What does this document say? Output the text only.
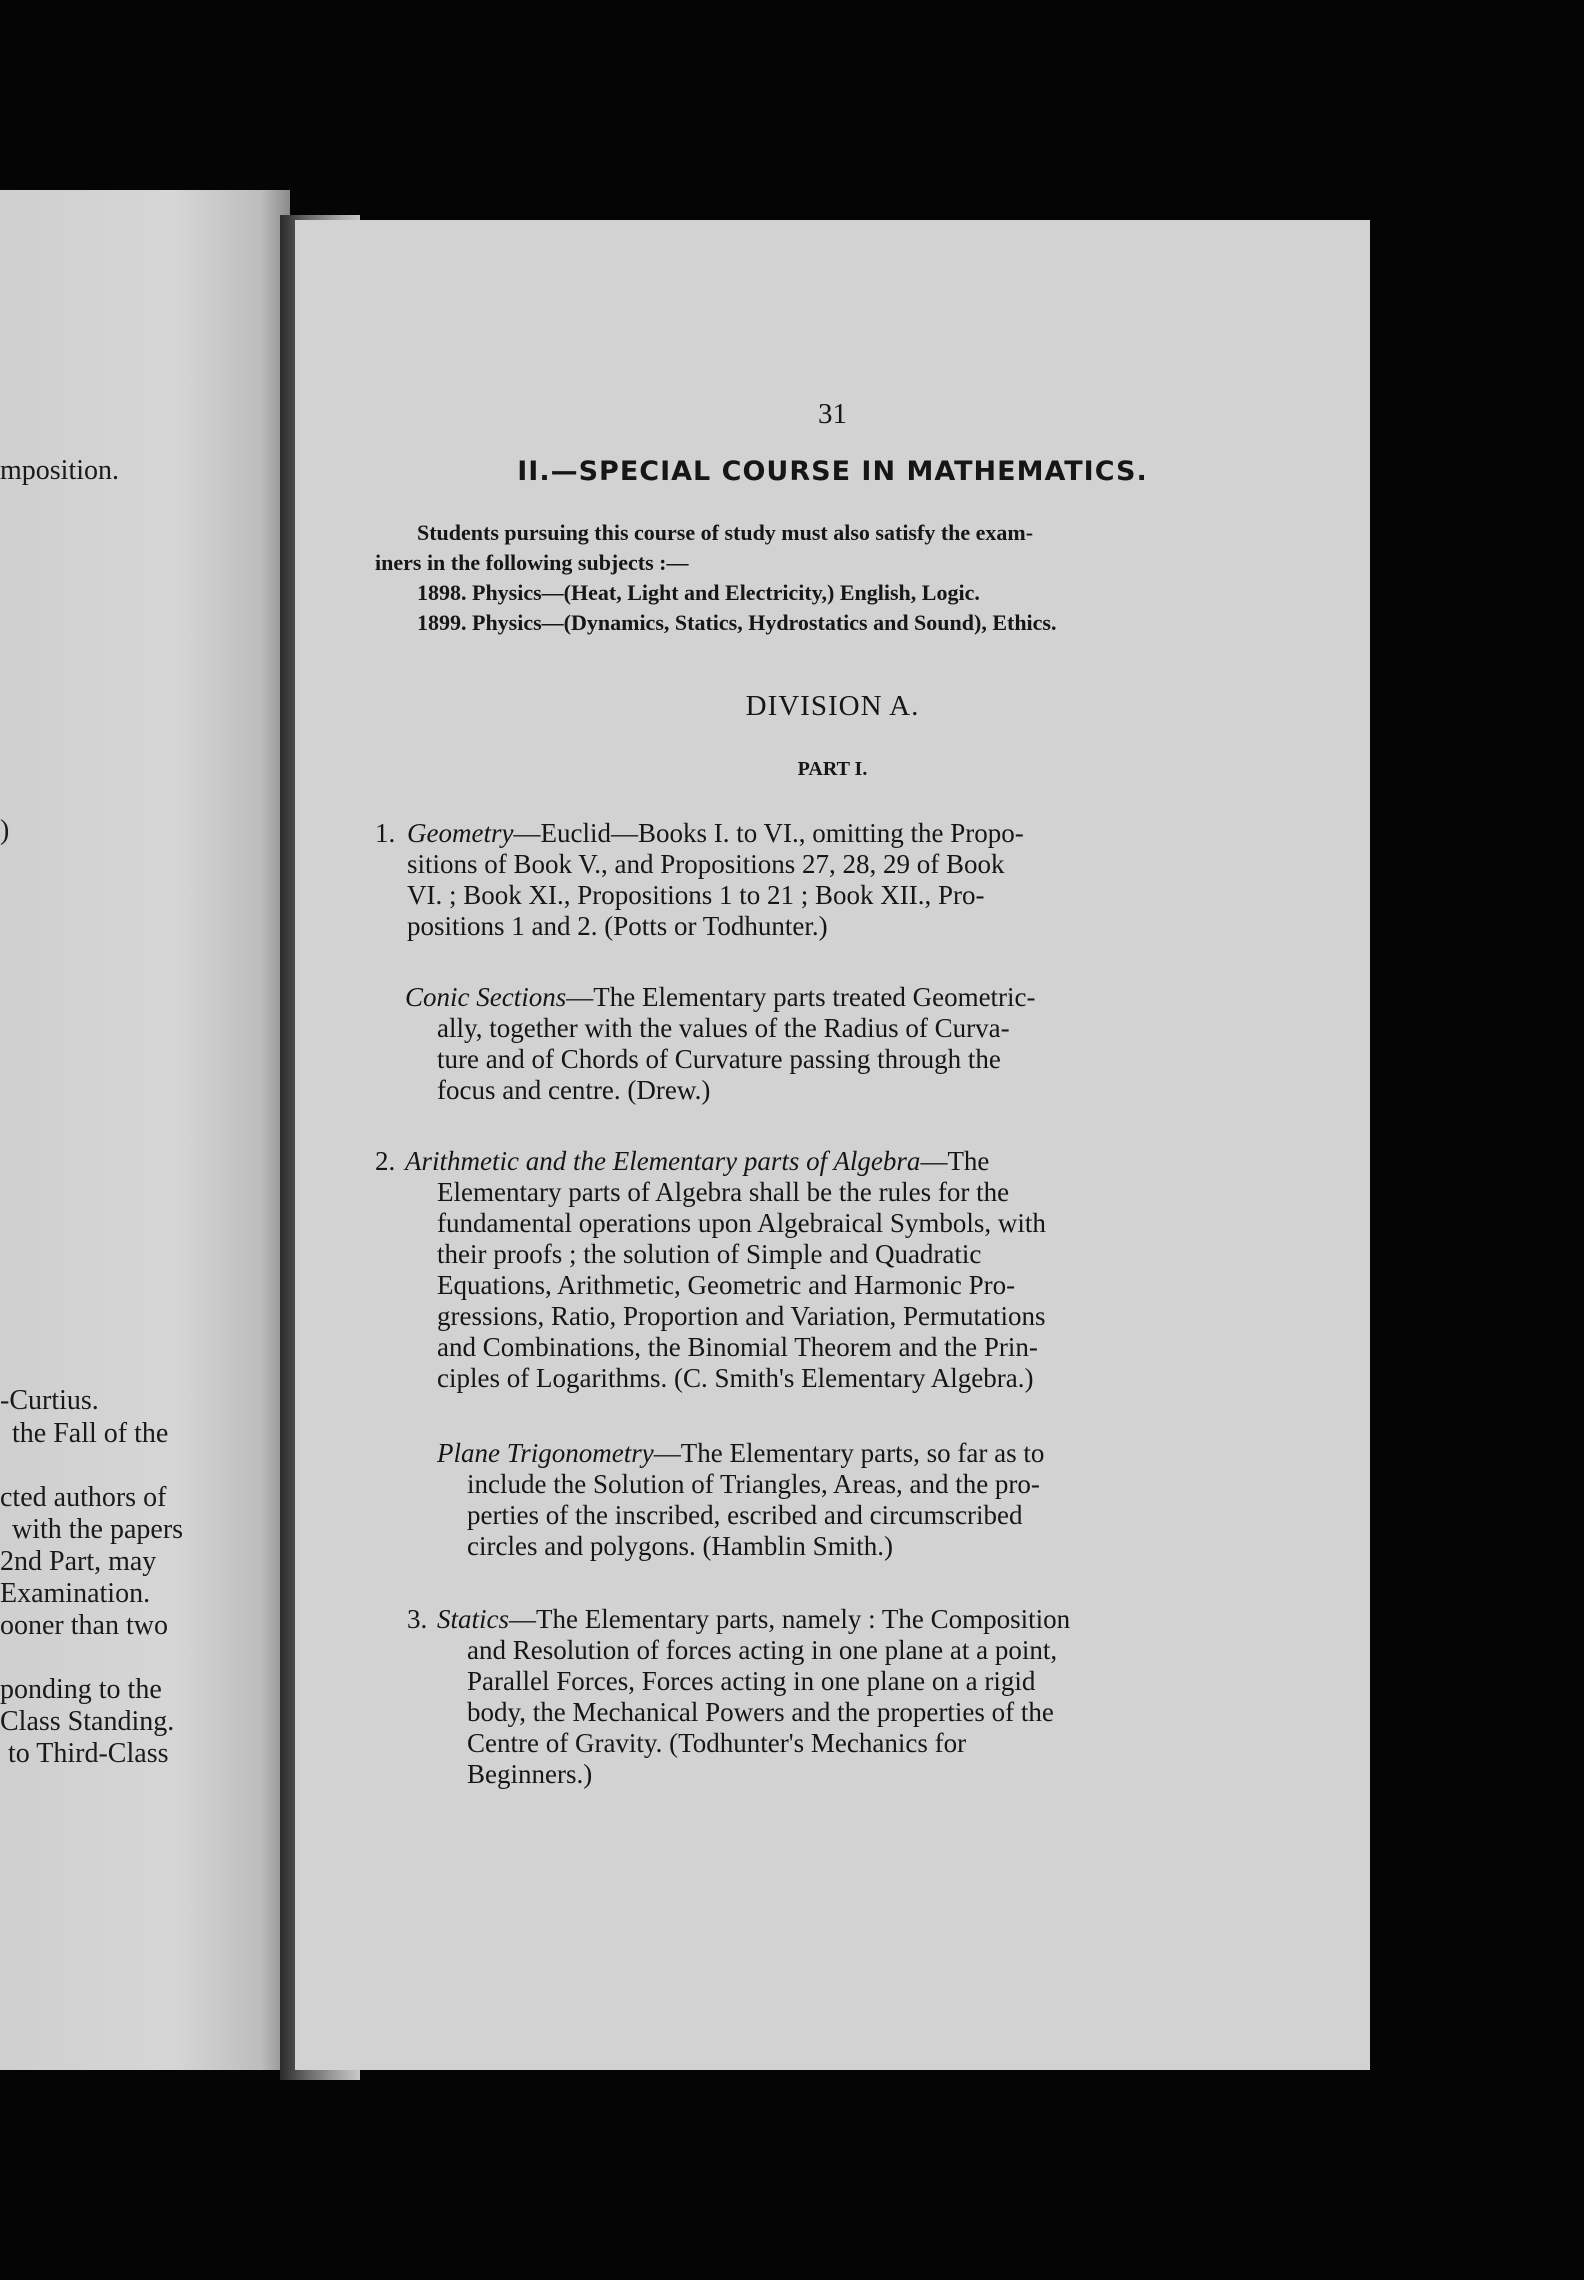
mposition.
)
-Curtius.
the Fall of the
cted authors of
with the papers
2nd Part, may
Examination.
ooner than two
ponding to the
Class Standing.
to Third-Class
31
II.—SPECIAL COURSE IN MATHEMATICS.
Students pursuing this course of study must also satisfy the exam-
iners in the following subjects :—
1898. Physics—(Heat, Light and Electricity,) English, Logic.
1899. Physics—(Dynamics, Statics, Hydrostatics and Sound), Ethics.
DIVISION A.
PART I.
1. Geometry—Euclid—Books I. to VI., omitting the Propo-
sitions of Book V., and Propositions 27, 28, 29 of Book
VI. ; Book XI., Propositions 1 to 21 ; Book XII., Pro-
positions 1 and 2. (Potts or Todhunter.)
Conic Sections—The Elementary parts treated Geometric-
ally, together with the values of the Radius of Curva-
ture and of Chords of Curvature passing through the
focus and centre. (Drew.)
2. Arithmetic and the Elementary parts of Algebra—The
Elementary parts of Algebra shall be the rules for the
fundamental operations upon Algebraical Symbols, with
their proofs ; the solution of Simple and Quadratic
Equations, Arithmetic, Geometric and Harmonic Pro-
gressions, Ratio, Proportion and Variation, Permutations
and Combinations, the Binomial Theorem and the Prin-
ciples of Logarithms. (C. Smith's Elementary Algebra.)
Plane Trigonometry—The Elementary parts, so far as to
include the Solution of Triangles, Areas, and the pro-
perties of the inscribed, escribed and circumscribed
circles and polygons. (Hamblin Smith.)
3. Statics—The Elementary parts, namely : The Composition
and Resolution of forces acting in one plane at a point,
Parallel Forces, Forces acting in one plane on a rigid
body, the Mechanical Powers and the properties of the
Centre of Gravity. (Todhunter's Mechanics for
Beginners.)
